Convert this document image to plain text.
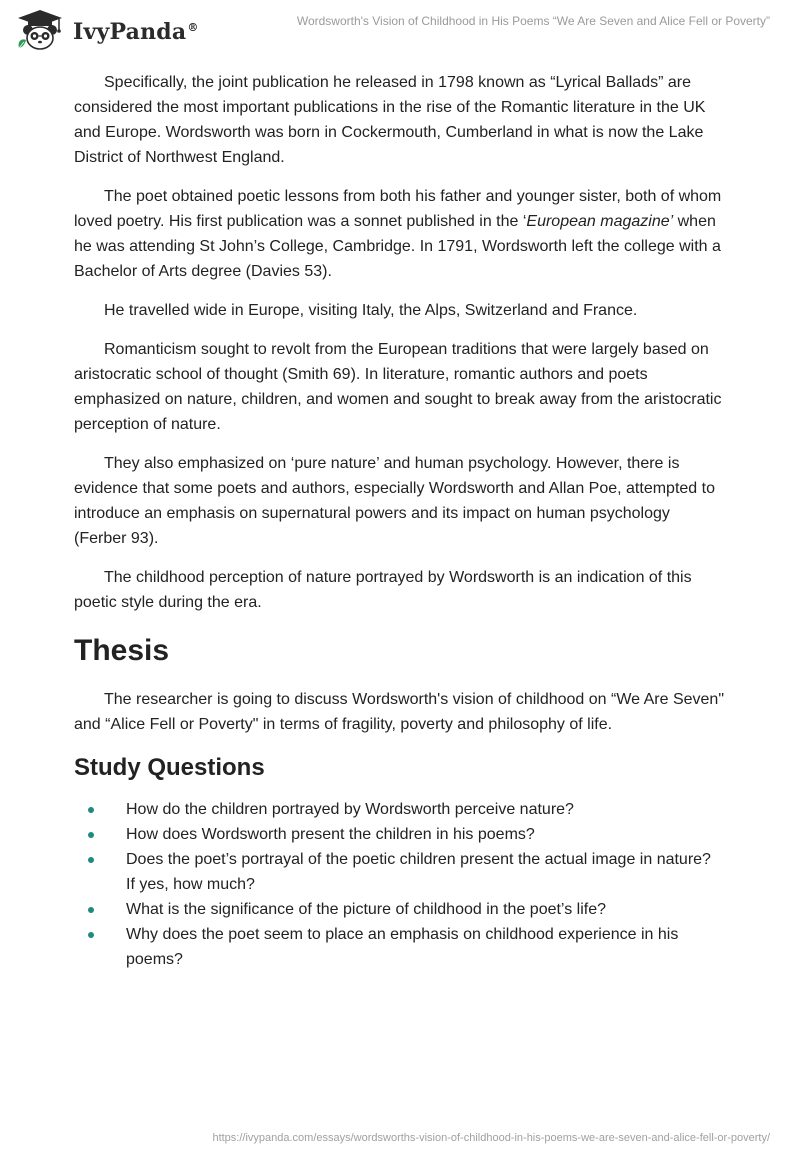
IvyPanda®	Wordsworth's Vision of Childhood in His Poems “We Are Seven and Alice Fell or Poverty”

Specifically, the joint publication he released in 1798 known as “Lyrical Ballads” are considered the most important publications in the rise of the Romantic literature in the UK and Europe. Wordsworth was born in Cockermouth, Cumberland in what is now the Lake District of Northwest England.

The poet obtained poetic lessons from both his father and younger sister, both of whom loved poetry. His first publication was a sonnet published in the ‘European magazine’ when he was attending St John’s College, Cambridge. In 1791, Wordsworth left the college with a Bachelor of Arts degree (Davies 53).

He travelled wide in Europe, visiting Italy, the Alps, Switzerland and France.

Romanticism sought to revolt from the European traditions that were largely based on aristocratic school of thought (Smith 69). In literature, romantic authors and poets emphasized on nature, children, and women and sought to break away from the aristocratic perception of nature.

They also emphasized on ‘pure nature’ and human psychology. However, there is evidence that some poets and authors, especially Wordsworth and Allan Poe, attempted to introduce an emphasis on supernatural powers and its impact on human psychology (Ferber 93).

The childhood perception of nature portrayed by Wordsworth is an indication of this poetic style during the era.

Thesis

The researcher is going to discuss Wordsworth's vision of childhood on “We Are Seven" and “Alice Fell or Poverty" in terms of fragility, poverty and philosophy of life.

Study Questions
How do the children portrayed by Wordsworth perceive nature?
How does Wordsworth present the children in his poems?
Does the poet’s portrayal of the poetic children present the actual image in nature? If yes, how much?
What is the significance of the picture of childhood in the poet’s life?
Why does the poet seem to place an emphasis on childhood experience in his poems?
https://ivypanda.com/essays/wordsworths-vision-of-childhood-in-his-poems-we-are-seven-and-alice-fell-or-poverty/
